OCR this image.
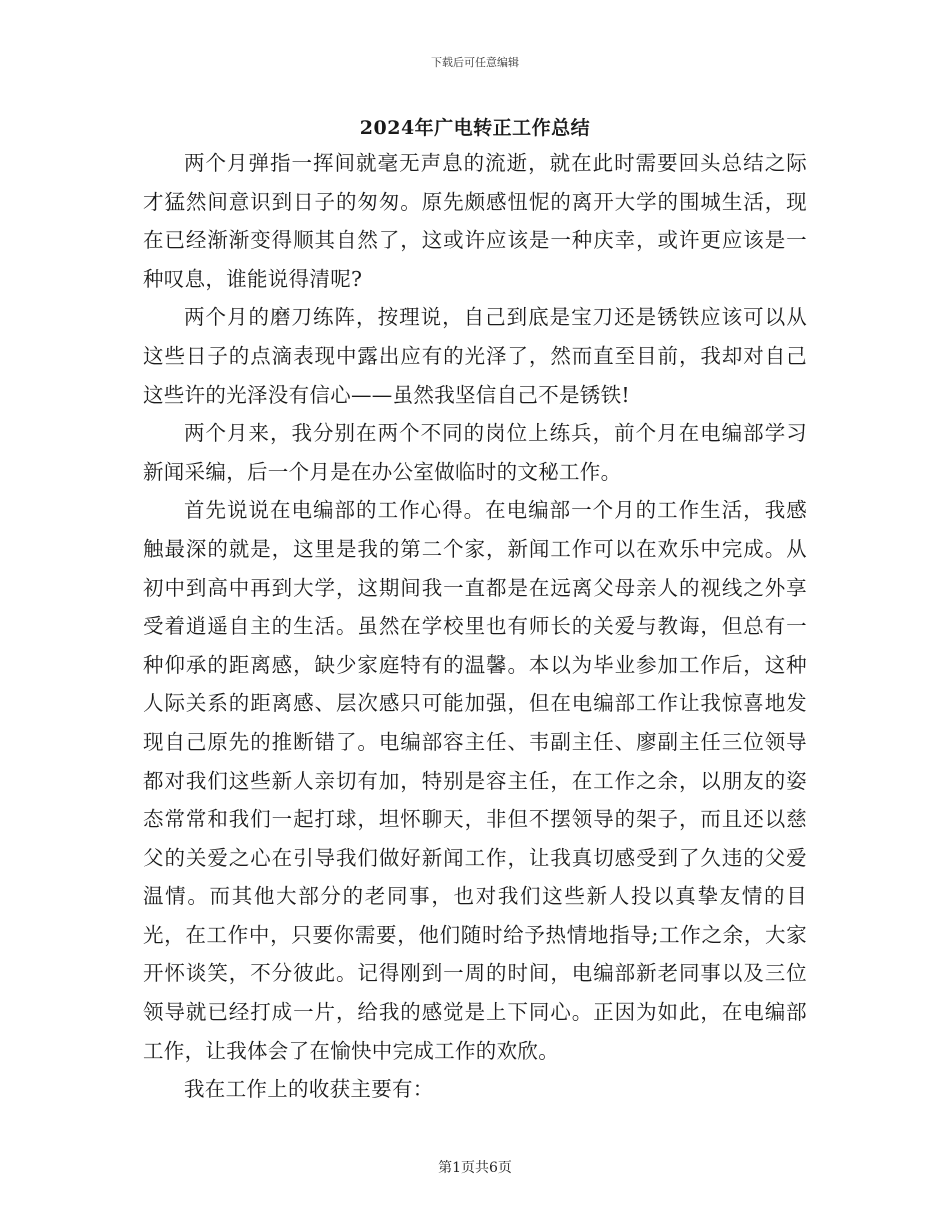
下载后可任意编辑
2024年广电转正工作总结

两个月弹指一挥间就毫无声息的流逝，就在此时需要回头总结之际才猛然间意识到日子的匆匆。原先颇感忸怩的离开大学的围城生活，现在已经渐渐变得顺其自然了，这或许应该是一种庆幸，或许更应该是一种叹息，谁能说得清呢?

两个月的磨刀练阵，按理说，自己到底是宝刀还是锈铁应该可以从这些日子的点滴表现中露出应有的光泽了，然而直至目前，我却对自己这些许的光泽没有信心——虽然我坚信自己不是锈铁!

两个月来，我分别在两个不同的岗位上练兵，前个月在电编部学习新闻采编，后一个月是在办公室做临时的文秘工作。

首先说说在电编部的工作心得。在电编部一个月的工作生活，我感触最深的就是，这里是我的第二个家，新闻工作可以在欢乐中完成。从初中到高中再到大学，这期间我一直都是在远离父母亲人的视线之外享受着逍遥自主的生活。虽然在学校里也有师长的关爱与教诲，但总有一种仰承的距离感，缺少家庭特有的温馨。本以为毕业参加工作后，这种人际关系的距离感、层次感只可能加强，但在电编部工作让我惊喜地发现自己原先的推断错了。电编部容主任、韦副主任、廖副主任三位领导都对我们这些新人亲切有加，特别是容主任，在工作之余，以朋友的姿态常常和我们一起打球，坦怀聊天，非但不摆领导的架子，而且还以慈父的关爱之心在引导我们做好新闻工作，让我真切感受到了久违的父爱温情。而其他大部分的老同事，也对我们这些新人投以真挚友情的目光，在工作中，只要你需要，他们随时给予热情地指导;工作之余，大家开怀谈笑，不分彼此。记得刚到一周的时间，电编部新老同事以及三位领导就已经打成一片，给我的感觉是上下同心。正因为如此，在电编部工作，让我体会了在愉快中完成工作的欢欣。

我在工作上的收获主要有：

第1页共6页
